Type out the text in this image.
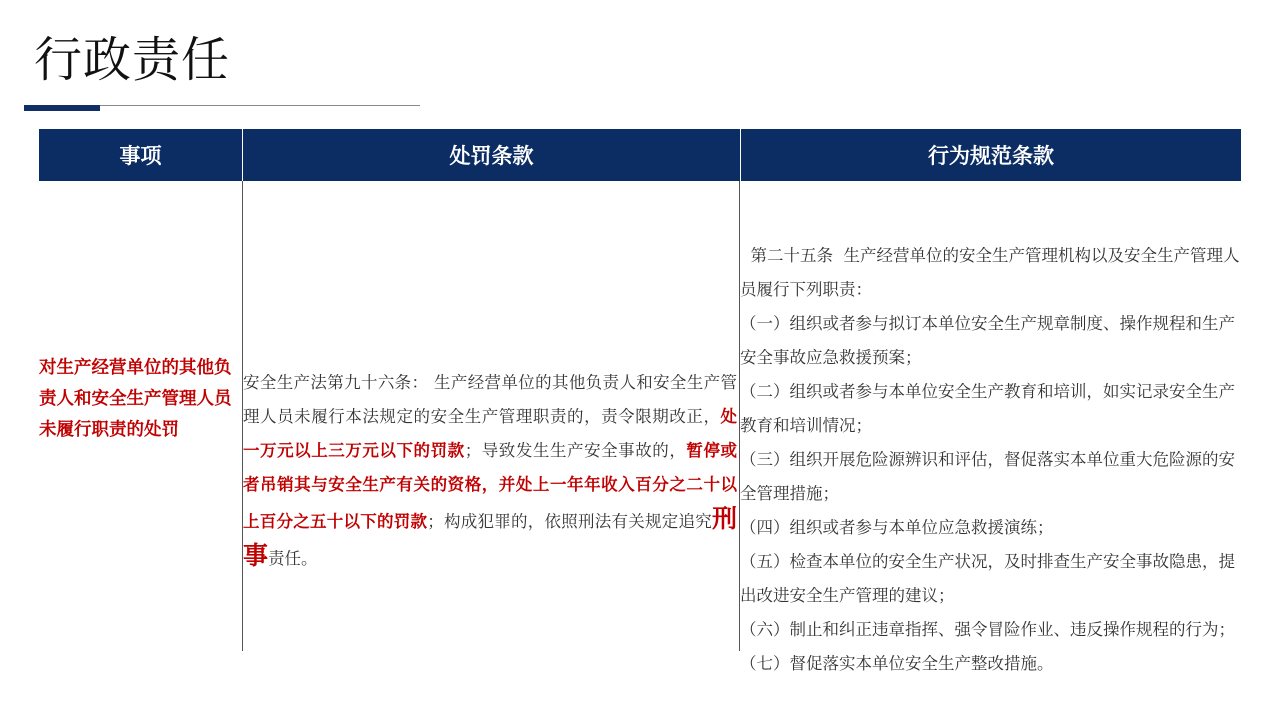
行政责任
事项	处罚条款	行为规范条款
对生产经营单位的其他负责人和安全生产管理人员未履行职责的处罚
安全生产法第九十六条： 生产经营单位的其他负责人和安全生产管理人员未履行本法规定的安全生产管理职责的，责令限期改正，处一万元以上三万元以下的罚款；导致发生生产安全事故的，暂停或者吊销其与安全生产有关的资格，并处上一年年收入百分之二十以上百分之五十以下的罚款；构成犯罪的，依照刑法有关规定追究刑事责任。

第二十五条  生产经营单位的安全生产管理机构以及安全生产管理人员履行下列职责：

（一）组织或者参与拟订本单位安全生产规章制度、操作规程和生产安全事故应急救援预案；

（二）组织或者参与本单位安全生产教育和培训，如实记录安全生产教育和培训情况；

（三）组织开展危险源辨识和评估，督促落实本单位重大危险源的安全管理措施；

（四）组织或者参与本单位应急救援演练；

（五）检查本单位的安全生产状况，及时排查生产安全事故隐患，提出改进安全生产管理的建议；

（六）制止和纠正违章指挥、强令冒险作业、违反操作规程的行为；

（七）督促落实本单位安全生产整改措施。
